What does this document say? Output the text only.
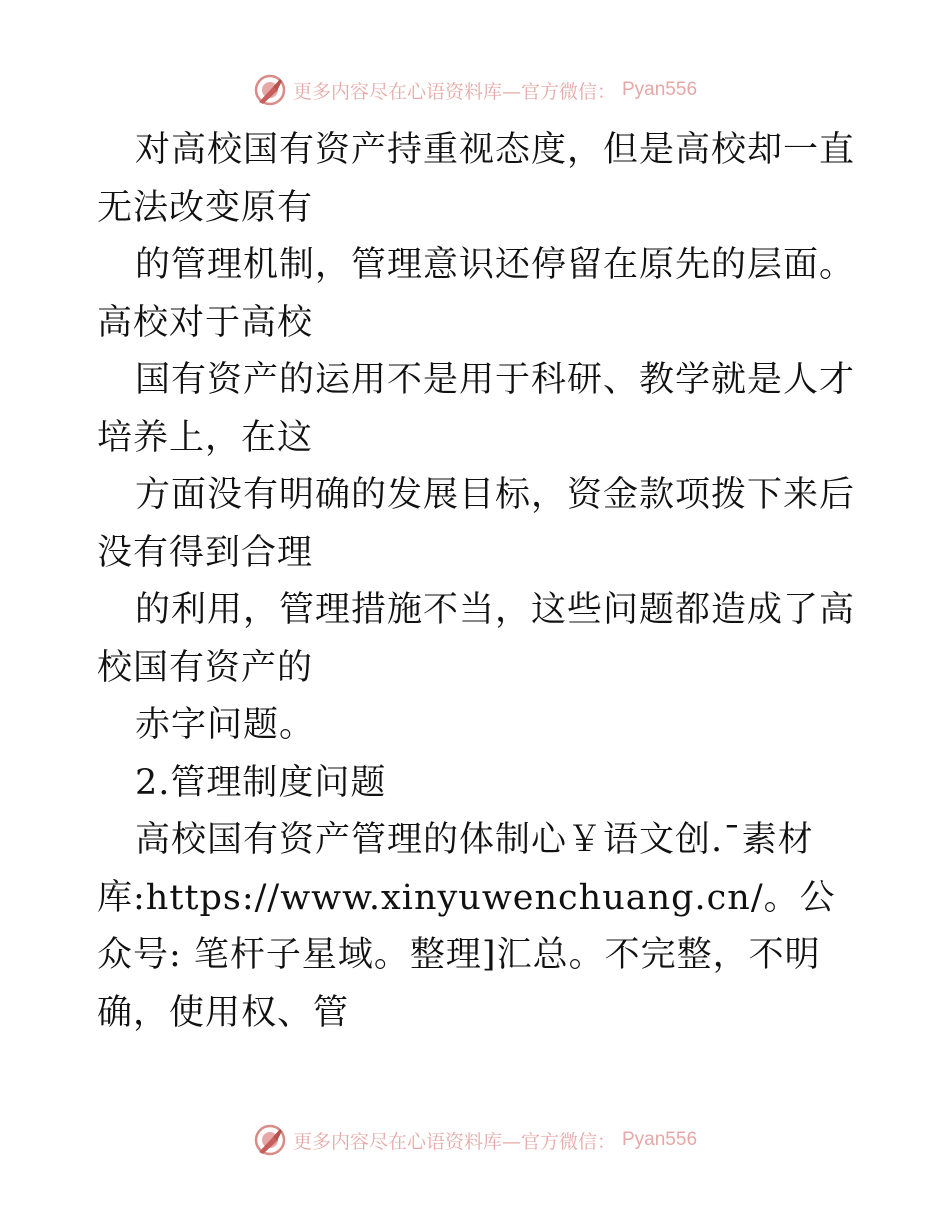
更多内容尽在心语资料库—官方微信： Pyan556

对高校国有资产持重视态度，但是高校却一直无法改变原有

的管理机制，管理意识还停留在原先的层面。高校对于高校

国有资产的运用不是用于科研、教学就是人才培养上，在这

方面没有明确的发展目标，资金款项拨下来后没有得到合理

的利用，管理措施不当，这些问题都造成了高校国有资产的

赤字问题。

2.管理制度问题

高校国有资产管理的体制心￥语文创.¯素材库:https://www.xinyuwenchuang.cn/。公众号: 笔杆子星域。整理]汇总。不完整，不明确，使用权、管

更多内容尽在心语资料库—官方微信： Pyan556
